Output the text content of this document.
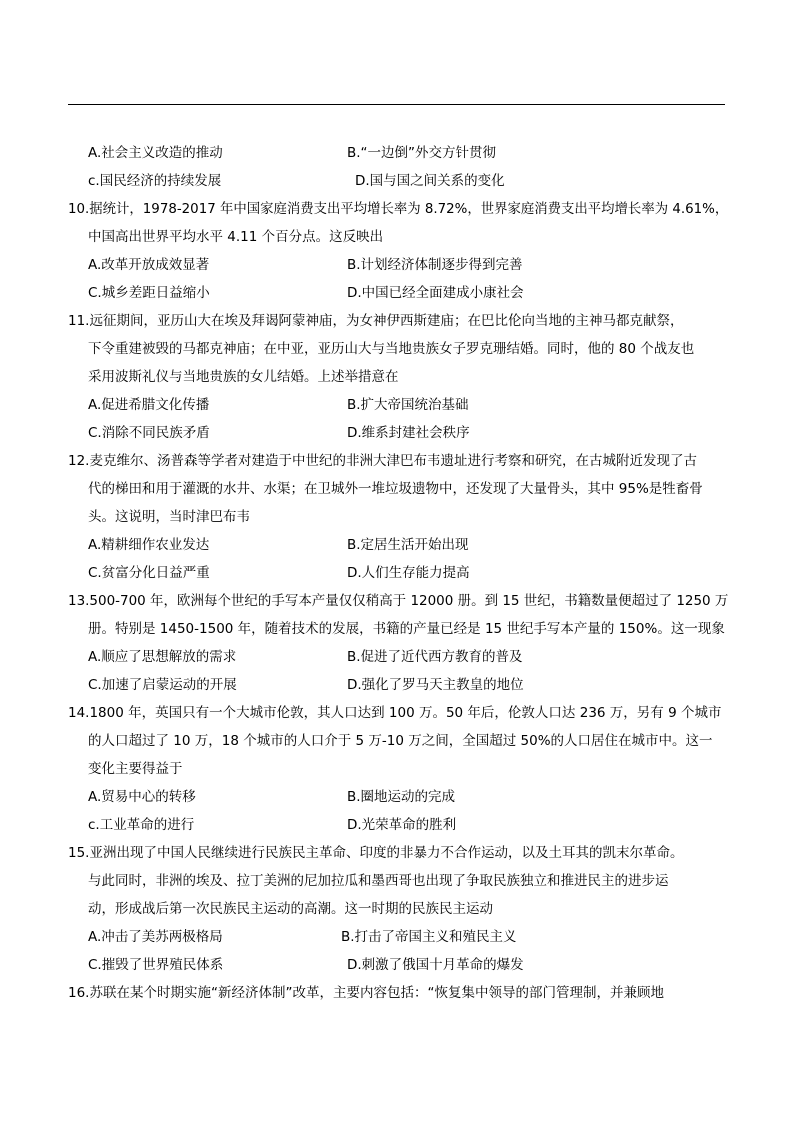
A.社会主义改造的推动	B.“一边倒”外交方针贯彻
c.国民经济的持续发展	D.国与国之间关系的变化
10.据统计，1978-2017 年中国家庭消费支出平均增长率为 8.72%，世界家庭消费支出平均增长率为 4.61%，
中国高出世界平均水平 4.11 个百分点。这反映出
A.改革开放成效显著	B.计划经济体制逐步得到完善
C.城乡差距日益缩小	D.中国已经全面建成小康社会
11.远征期间，亚历山大在埃及拜谒阿蒙神庙，为女神伊西斯建庙；在巴比伦向当地的主神马都克献祭，
下令重建被毁的马都克神庙；在中亚，亚历山大与当地贵族女子罗克珊结婚。同时，他的 80 个战友也
采用波斯礼仪与当地贵族的女儿结婚。上述举措意在
A.促进希腊文化传播	B.扩大帝国统治基础
C.消除不同民族矛盾	D.维系封建社会秩序
12.麦克维尔、汤普森等学者对建造于中世纪的非洲大津巴布韦遗址进行考察和研究，在古城附近发现了古
代的梯田和用于灌溉的水井、水渠；在卫城外一堆垃圾遗物中，还发现了大量骨头，其中 95%是牲畜骨
头。这说明，当时津巴布韦
A.精耕细作农业发达	B.定居生活开始出现
C.贫富分化日益严重	D.人们生存能力提高
13.500-700 年，欧洲每个世纪的手写本产量仅仅稍高于 12000 册。到 15 世纪，书籍数量便超过了 1250 万
册。特别是 1450-1500 年，随着技术的发展，书籍的产量已经是 15 世纪手写本产量的 150%。这一现象
A.顺应了思想解放的需求	B.促进了近代西方教育的普及
C.加速了启蒙运动的开展	D.强化了罗马天主教皇的地位
14.1800 年，英国只有一个大城市伦敦，其人口达到 100 万。50 年后，伦敦人口达 236 万，另有 9 个城市
的人口超过了 10 万，18 个城市的人口介于 5 万-10 万之间，全国超过 50%的人口居住在城市中。这一
变化主要得益于
A.贸易中心的转移	B.圈地运动的完成
c.工业革命的进行	D.光荣革命的胜利
15.亚洲出现了中国人民继续进行民族民主革命、印度的非暴力不合作运动，以及土耳其的凯末尔革命。
与此同时，非洲的埃及、拉丁美洲的尼加拉瓜和墨西哥也出现了争取民族独立和推进民主的进步运
动，形成战后第一次民族民主运动的高潮。这一时期的民族民主运动
A.冲击了美苏两极格局	B.打击了帝国主义和殖民主义
C.摧毁了世界殖民体系	D.刺激了俄国十月革命的爆发
16.苏联在某个时期实施“新经济体制”改革，主要内容包括：“恢复集中领导的部门管理制，并兼顾地
